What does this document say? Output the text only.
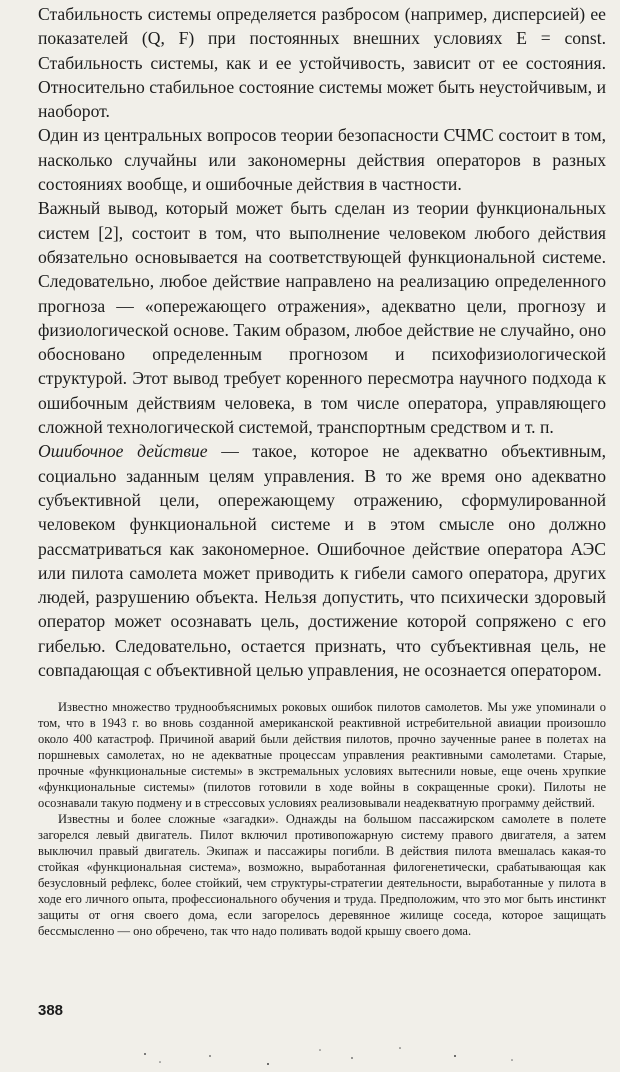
Стабильность системы определяется разбросом (например, дисперсией) ее показателей (Q, F) при постоянных внешних условиях E = const. Стабильность системы, как и ее устойчивость, зависит от ее состояния. Относительно стабильное состояние системы может быть неустойчивым, и наоборот.

Один из центральных вопросов теории безопасности СЧМС состоит в том, насколько случайны или закономерны действия операторов в разных состояниях вообще, и ошибочные действия в частности.

Важный вывод, который может быть сделан из теории функциональных систем [2], состоит в том, что выполнение человеком любого действия обязательно основывается на соответствующей функциональной системе. Следовательно, любое действие направлено на реализацию определенного прогноза — «опережающего отражения», адекватно цели, прогнозу и физиологической основе. Таким образом, любое действие не случайно, оно обосновано определенным прогнозом и психофизиологической структурой. Этот вывод требует коренного пересмотра научного подхода к ошибочным действиям человека, в том числе оператора, управляющего сложной технологической системой, транспортным средством и т. п.

Ошибочное действие — такое, которое не адекватно объективным, социально заданным целям управления. В то же время оно адекватно субъективной цели, опережающему отражению, сформулированной человеком функциональной системе и в этом смысле оно должно рассматриваться как закономерное. Ошибочное действие оператора АЭС или пилота самолета может приводить к гибели самого оператора, других людей, разрушению объекта. Нельзя допустить, что психически здоровый оператор может осознавать цель, достижение которой сопряжено с его гибелью. Следовательно, остается признать, что субъективная цель, не совпадающая с объективной целью управления, не осознается оператором.

Известно множество труднообъяснимых роковых ошибок пилотов самолетов. Мы уже упоминали о том, что в 1943 г. во вновь созданной американской реактивной истребительной авиации произошло около 400 катастроф. Причиной аварий были действия пилотов, прочно заученные ранее в полетах на поршневых самолетах, но не адекватные процессам управления реактивными самолетами. Старые, прочные «функциональные системы» в экстремальных условиях вытеснили новые, еще очень хрупкие «функциональные системы» (пилотов готовили в ходе войны в сокращенные сроки). Пилоты не осознавали такую подмену и в стрессовых условиях реализовывали неадекватную программу действий.

Известны и более сложные «загадки». Однажды на большом пассажирском самолете в полете загорелся левый двигатель. Пилот включил противопожарную систему правого двигателя, а затем выключил правый двигатель. Экипаж и пассажиры погибли. В действия пилота вмешалась какая-то стойкая «функциональная система», возможно, выработанная филогенетически, срабатывающая как безусловный рефлекс, более стойкий, чем структуры-стратегии деятельности, выработанные у пилота в ходе его личного опыта, профессионального обучения и труда. Предположим, что это мог быть инстинкт защиты от огня своего дома, если загорелось деревянное жилище соседа, которое защищать бессмысленно — оно обречено, так что надо поливать водой крышу своего дома.

388
